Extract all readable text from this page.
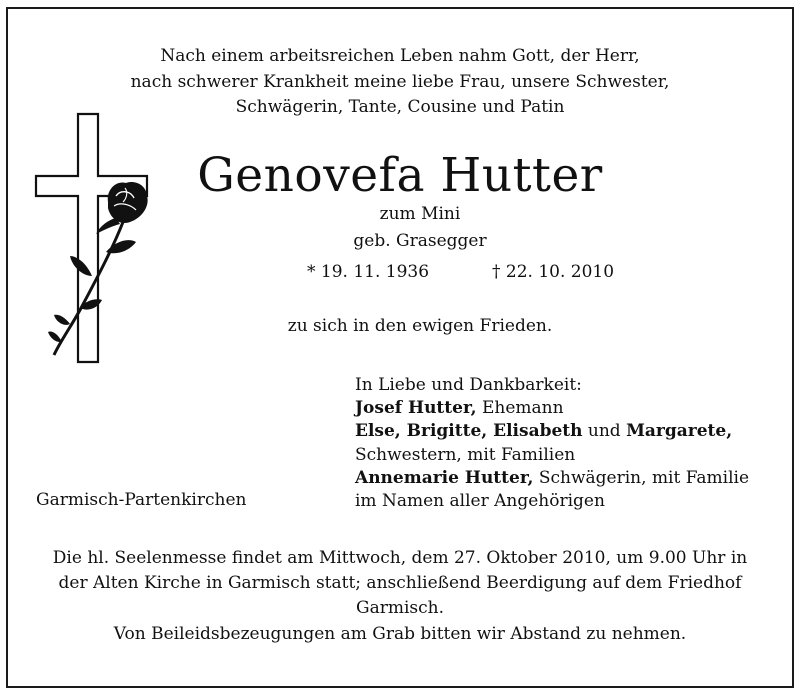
Nach einem arbeitsreichen Leben nahm Gott, der Herr,
nach schwerer Krankheit meine liebe Frau, unsere Schwester,
Schwägerin, Tante, Cousine und Patin
Genovefa Hutter
zum Mini
geb. Grasegger
* 19. 11. 1936	† 22. 10. 2010
zu sich in den ewigen Frieden.
In Liebe und Dankbarkeit:
Josef Hutter, Ehemann
Else, Brigitte, Elisabeth und Margarete,
Schwestern, mit Familien
Annemarie Hutter, Schwägerin, mit Familie
im Namen aller Angehörigen
Garmisch-Partenkirchen
Die hl. Seelenmesse findet am Mittwoch, dem 27. Oktober 2010, um 9.00 Uhr in
der Alten Kirche in Garmisch statt; anschließend Beerdigung auf dem Friedhof
Garmisch.
Von Beileidsbezeugungen am Grab bitten wir Abstand zu nehmen.
